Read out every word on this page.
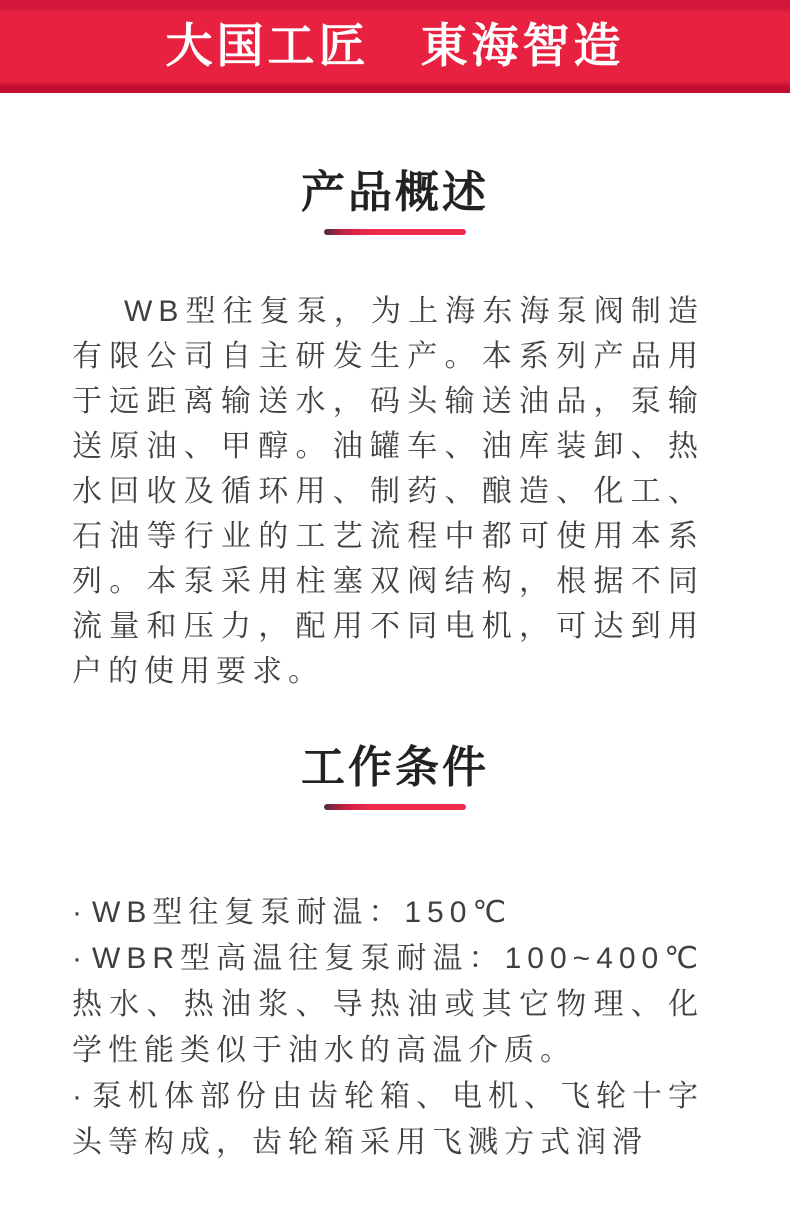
大国工匠　東海智造
产品概述

WB型往复泵，为上海东海泵阀制造有限公司自主研发生产。本系列产品用于远距离输送水，码头输送油品，泵输送原油、甲醇。油罐车、油库装卸、热水回收及循环用、制药、酿造、化工、石油等行业的工艺流程中都可使用本系列。本泵采用柱塞双阀结构，根据不同流量和压力，配用不同电机，可达到用户的使用要求。

工作条件

· WB型往复泵耐温：150℃

· WBR型高温往复泵耐温：100~400℃热水、热油浆、导热油或其它物理、化学性能类似于油水的高温介质。

· 泵机体部份由齿轮箱、电机、飞轮十字头等构成，齿轮箱采用飞溅方式润滑
